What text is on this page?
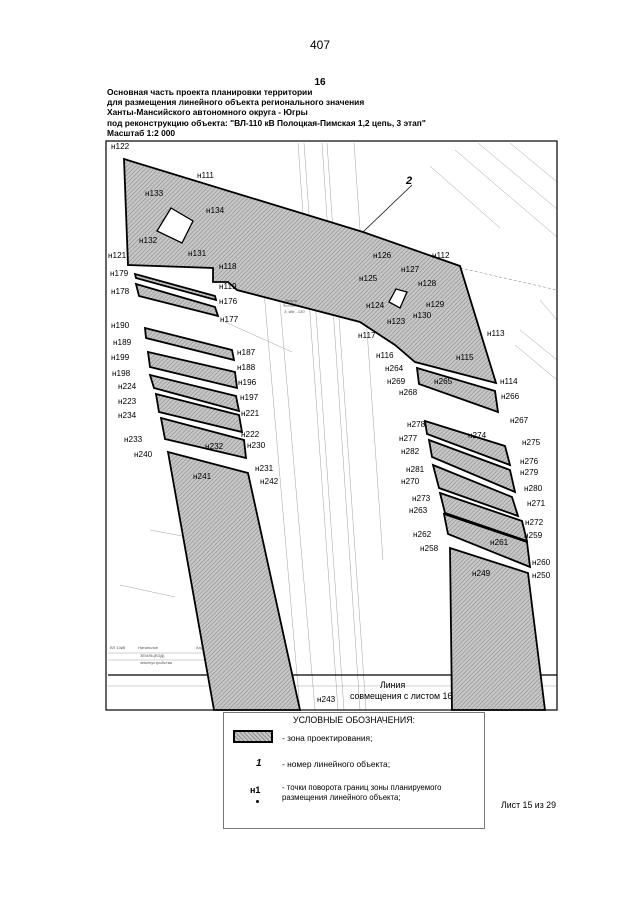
407
16
Основная часть проекта планировки территории
для размещения линейного объекта регионального значения
Ханты-Мансийского автономного округа - Югры
под реконструкцию объекта: "ВЛ-110 кВ Полоцкая-Пимская 1,2 цепь, 3 этап"
Масштаб 1:2 000
2
Земли
З, кВт, -130
ВЛ 10кВ	Натальное	Аэр.
ЗЕМЛЬ(ВЭД)
землеустройства
Линия
совмещения с листом 16
н122
н111
н133
н134
н132
н131
н121
н179
н118
н119
н178
н176
н177
н126	н112
н127
н125
н128
н124	н129
н130
н123
н117	н113
н190
н189
н187
н199
н188
н198
н196
н224
н223	н197
н234	н221
н222
н233
н230
н232
н240
н231
н241
н242
н116	н115
н264
н269	н265	н114
н268	н266
н267
н278
н274
н277	н275
н282
н276
н281	н279
н270
н280
н273
н271
н263
н272
н262	н259
н258
н261
н260
н249	н250
н243
УСЛОВНЫЕ ОБОЗНАЧЕНИЯ:
- зона проектирования;
1 - номер линейного объекта;
н1	- точки поворота границ зоны планируемого
размещения линейного объекта;
Лист 15 из 29
